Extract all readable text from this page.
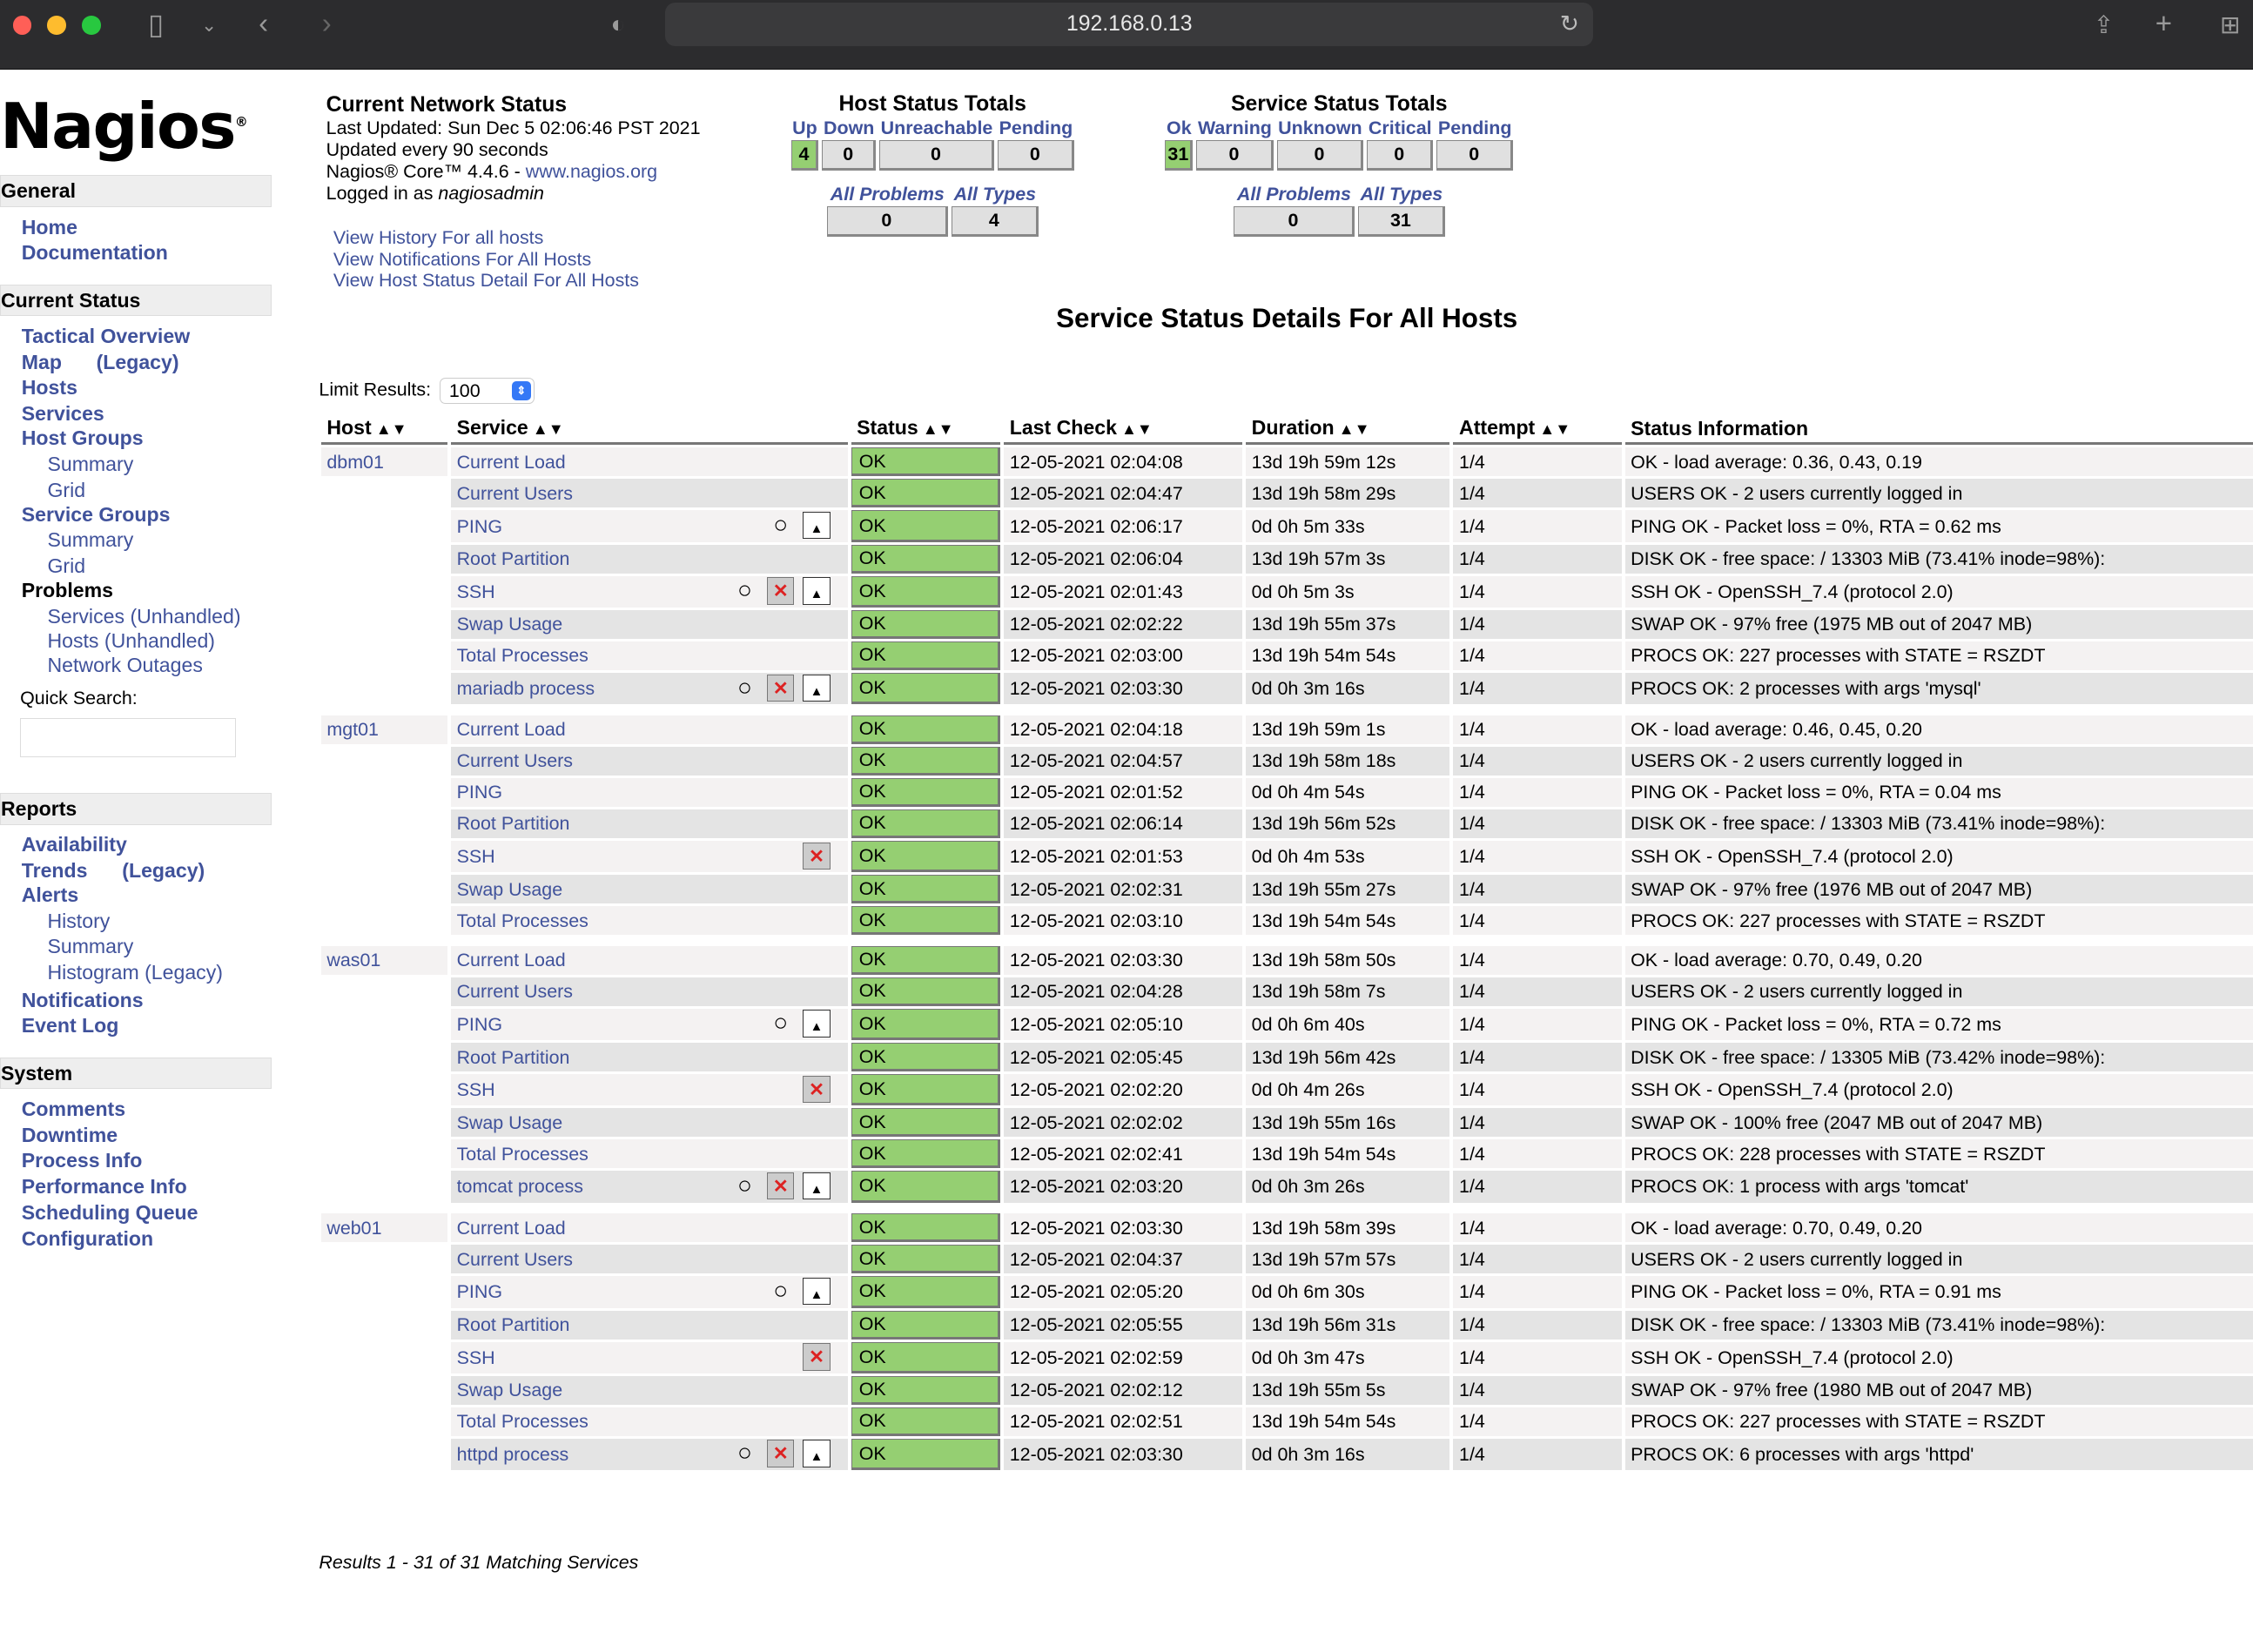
▯	⌄ ‹	›	◐	192.168.0.13	↻	⇪ +	⊞
Nagios®
General
Home
Documentation
Current Status
Tactical Overview
Map	(Legacy)
Hosts
Services
Host Groups
Summary
Grid
Service Groups
Summary
Grid
Problems
Services (Unhandled)
Hosts (Unhandled)
Network Outages
Quick Search:
Reports
Availability
Trends	(Legacy)
Alerts
History
Summary
Histogram (Legacy)
Notifications
Event Log
System
Comments
Downtime
Process Info
Performance Info
Scheduling Queue
Configuration
Current Network Status
Last Updated: Sun Dec 5 02:06:46 PST 2021
Updated every 90 seconds
Nagios® Core™ 4.4.6 - www.nagios.org
Logged in as nagiosadmin
View History For all hosts
View Notifications For All Hosts
View Host Status Detail For All Hosts
Host Status Totals
Up	Down	Unreachable	Pending
4	0	0	0
All Problems	All Types
0	4
Service Status Totals
Ok	Warning	Unknown	Critical	Pending
31	0	0	0	0
All Problems	All Types
0	31
Service Status Details For All Hosts
Limit Results: 100	⇕
Host ▲▼	Service ▲▼	Status ▲▼	Last Check ▲▼	Duration ▲▼	Attempt ▲▼	Status Information
dbm01	Current Load	OK	12-05-2021 02:04:08	13d 19h 59m 12s	1/4	OK - load average: 0.36, 0.43, 0.19
	Current Users	OK	12-05-2021 02:04:47	13d 19h 58m 29s	1/4	USERS OK - 2 users currently logged in
	PING ○ ▲	OK	12-05-2021 02:06:17	0d 0h 5m 33s	1/4	PING OK - Packet loss = 0%, RTA = 0.62 ms
	Root Partition	OK	12-05-2021 02:06:04	13d 19h 57m 3s	1/4	DISK OK - free space: / 13303 MiB (73.41% inode=98%):
	SSH ○ ✕ ▲	OK	12-05-2021 02:01:43	0d 0h 5m 3s	1/4	SSH OK - OpenSSH_7.4 (protocol 2.0)
	Swap Usage	OK	12-05-2021 02:02:22	13d 19h 55m 37s	1/4	SWAP OK - 97% free (1975 MB out of 2047 MB)
	Total Processes	OK	12-05-2021 02:03:00	13d 19h 54m 54s	1/4	PROCS OK: 227 processes with STATE = RSZDT
	mariadb process ○ ✕ ▲	OK	12-05-2021 02:03:30	0d 0h 3m 16s	1/4	PROCS OK: 2 processes with args 'mysql'

mgt01	Current Load	OK	12-05-2021 02:04:18	13d 19h 59m 1s	1/4	OK - load average: 0.46, 0.45, 0.20
	Current Users	OK	12-05-2021 02:04:57	13d 19h 58m 18s	1/4	USERS OK - 2 users currently logged in
	PING	OK	12-05-2021 02:01:52	0d 0h 4m 54s	1/4	PING OK - Packet loss = 0%, RTA = 0.04 ms
	Root Partition	OK	12-05-2021 02:06:14	13d 19h 56m 52s	1/4	DISK OK - free space: / 13303 MiB (73.41% inode=98%):
	SSH ✕	OK	12-05-2021 02:01:53	0d 0h 4m 53s	1/4	SSH OK - OpenSSH_7.4 (protocol 2.0)
	Swap Usage	OK	12-05-2021 02:02:31	13d 19h 55m 27s	1/4	SWAP OK - 97% free (1976 MB out of 2047 MB)
	Total Processes	OK	12-05-2021 02:03:10	13d 19h 54m 54s	1/4	PROCS OK: 227 processes with STATE = RSZDT

was01	Current Load	OK	12-05-2021 02:03:30	13d 19h 58m 50s	1/4	OK - load average: 0.70, 0.49, 0.20
	Current Users	OK	12-05-2021 02:04:28	13d 19h 58m 7s	1/4	USERS OK - 2 users currently logged in
	PING ○ ▲	OK	12-05-2021 02:05:10	0d 0h 6m 40s	1/4	PING OK - Packet loss = 0%, RTA = 0.72 ms
	Root Partition	OK	12-05-2021 02:05:45	13d 19h 56m 42s	1/4	DISK OK - free space: / 13305 MiB (73.42% inode=98%):
	SSH ✕	OK	12-05-2021 02:02:20	0d 0h 4m 26s	1/4	SSH OK - OpenSSH_7.4 (protocol 2.0)
	Swap Usage	OK	12-05-2021 02:02:02	13d 19h 55m 16s	1/4	SWAP OK - 100% free (2047 MB out of 2047 MB)
	Total Processes	OK	12-05-2021 02:02:41	13d 19h 54m 54s	1/4	PROCS OK: 228 processes with STATE = RSZDT
	tomcat process ○ ✕ ▲	OK	12-05-2021 02:03:20	0d 0h 3m 26s	1/4	PROCS OK: 1 process with args 'tomcat'

web01	Current Load	OK	12-05-2021 02:03:30	13d 19h 58m 39s	1/4	OK - load average: 0.70, 0.49, 0.20
	Current Users	OK	12-05-2021 02:04:37	13d 19h 57m 57s	1/4	USERS OK - 2 users currently logged in
	PING ○ ▲	OK	12-05-2021 02:05:20	0d 0h 6m 30s	1/4	PING OK - Packet loss = 0%, RTA = 0.91 ms
	Root Partition	OK	12-05-2021 02:05:55	13d 19h 56m 31s	1/4	DISK OK - free space: / 13303 MiB (73.41% inode=98%):
	SSH ✕	OK	12-05-2021 02:02:59	0d 0h 3m 47s	1/4	SSH OK - OpenSSH_7.4 (protocol 2.0)
	Swap Usage	OK	12-05-2021 02:02:12	13d 19h 55m 5s	1/4	SWAP OK - 97% free (1980 MB out of 2047 MB)
	Total Processes	OK	12-05-2021 02:02:51	13d 19h 54m 54s	1/4	PROCS OK: 227 processes with STATE = RSZDT
	httpd process ○ ✕ ▲	OK	12-05-2021 02:03:30	0d 0h 3m 16s	1/4	PROCS OK: 6 processes with args 'httpd'
Results 1 - 31 of 31 Matching Services
